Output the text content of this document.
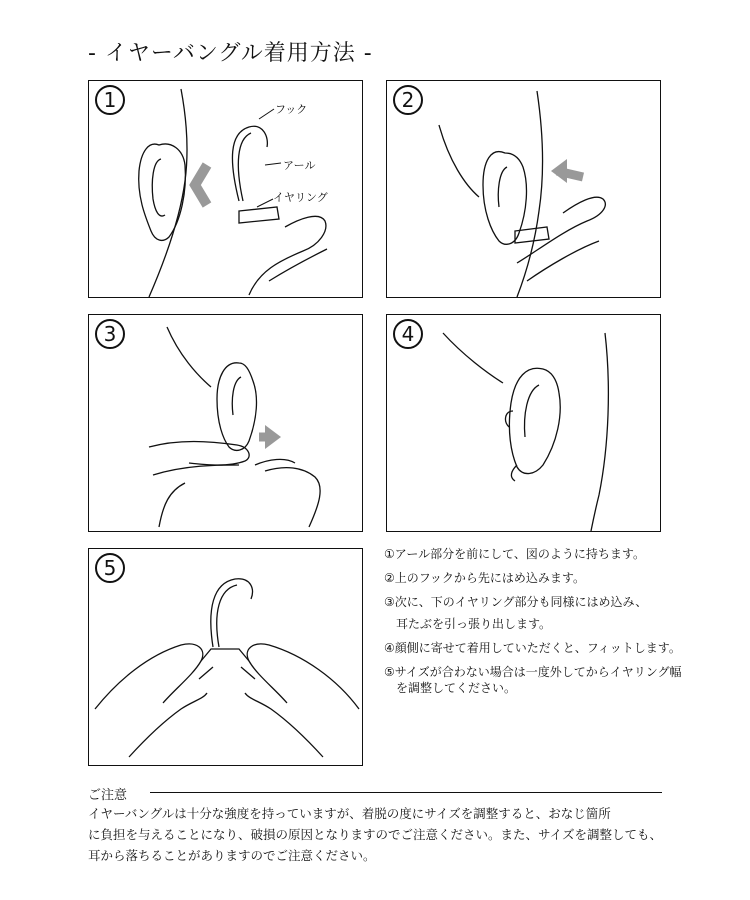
- イヤーバングル着用方法 -
1	フック
アール
イヤリング
2
3	4
5
①アール部分を前にして、図のように持ちます。
②上のフックから先にはめ込みます。
③次に、下のイヤリング部分も同様にはめ込み、
耳たぶを引っ張り出します。
④顔側に寄せて着用していただくと、フィットします。
⑤サイズが合わない場合は一度外してからイヤリング幅
を調整してください。
ご注意
イヤーバングルは十分な強度を持っていますが、着脱の度にサイズを調整すると、おなじ箇所
に負担を与えることになり、破損の原因となりますのでご注意ください。また、サイズを調整しても、
耳から落ちることがありますのでご注意ください。
